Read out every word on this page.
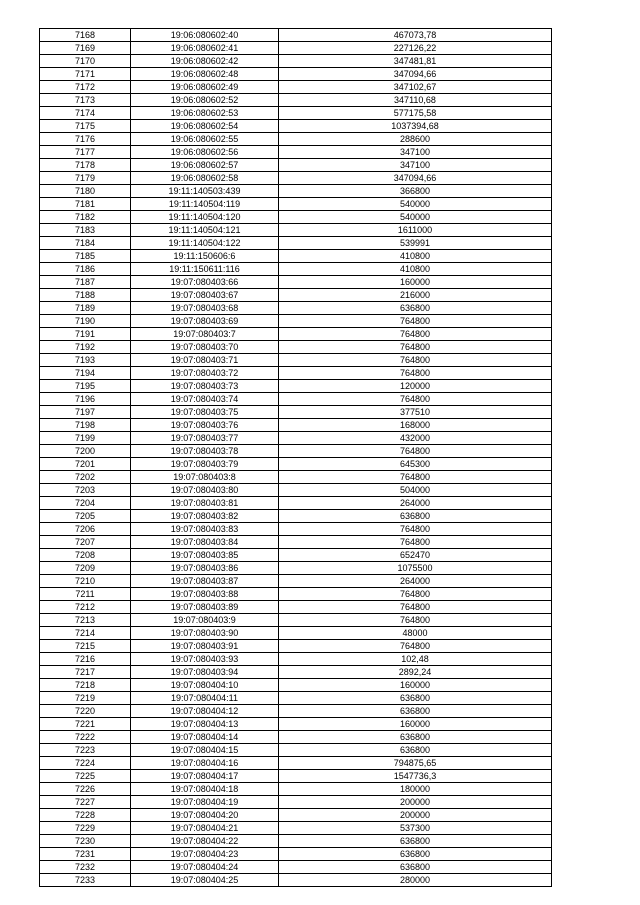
7168	19:06:080602:40	467073,78
7169	19:06:080602:41	227126,22
7170	19:06:080602:42	347481,81
7171	19:06:080602:48	347094,66
7172	19:06:080602:49	347102,67
7173	19:06:080602:52	347110,68
7174	19:06:080602:53	577175,58
7175	19:06:080602:54	1037394,68
7176	19:06:080602:55	288600
7177	19:06:080602:56	347100
7178	19:06:080602:57	347100
7179	19:06:080602:58	347094,66
7180	19:11:140503:439	366800
7181	19:11:140504:119	540000
7182	19:11:140504:120	540000
7183	19:11:140504:121	1611000
7184	19:11:140504:122	539991
7185	19:11:150606:6	410800
7186	19:11:150611:116	410800
7187	19:07:080403:66	160000
7188	19:07:080403:67	216000
7189	19:07:080403:68	636800
7190	19:07:080403:69	764800
7191	19:07:080403:7	764800
7192	19:07:080403:70	764800
7193	19:07:080403:71	764800
7194	19:07:080403:72	764800
7195	19:07:080403:73	120000
7196	19:07:080403:74	764800
7197	19:07:080403:75	377510
7198	19:07:080403:76	168000
7199	19:07:080403:77	432000
7200	19:07:080403:78	764800
7201	19:07:080403:79	645300
7202	19:07:080403:8	764800
7203	19:07:080403:80	504000
7204	19:07:080403:81	264000
7205	19:07:080403:82	636800
7206	19:07:080403:83	764800
7207	19:07:080403:84	764800
7208	19:07:080403:85	652470
7209	19:07:080403:86	1075500
7210	19:07:080403:87	264000
7211	19:07:080403:88	764800
7212	19:07:080403:89	764800
7213	19:07:080403:9	764800
7214	19:07:080403:90	48000
7215	19:07:080403:91	764800
7216	19:07:080403:93	102,48
7217	19:07:080403:94	2892,24
7218	19:07:080404:10	160000
7219	19:07:080404:11	636800
7220	19:07:080404:12	636800
7221	19:07:080404:13	160000
7222	19:07:080404:14	636800
7223	19:07:080404:15	636800
7224	19:07:080404:16	794875,65
7225	19:07:080404:17	1547736,3
7226	19:07:080404:18	180000
7227	19:07:080404:19	200000
7228	19:07:080404:20	200000
7229	19:07:080404:21	537300
7230	19:07:080404:22	636800
7231	19:07:080404:23	636800
7232	19:07:080404:24	636800
7233	19:07:080404:25	280000
